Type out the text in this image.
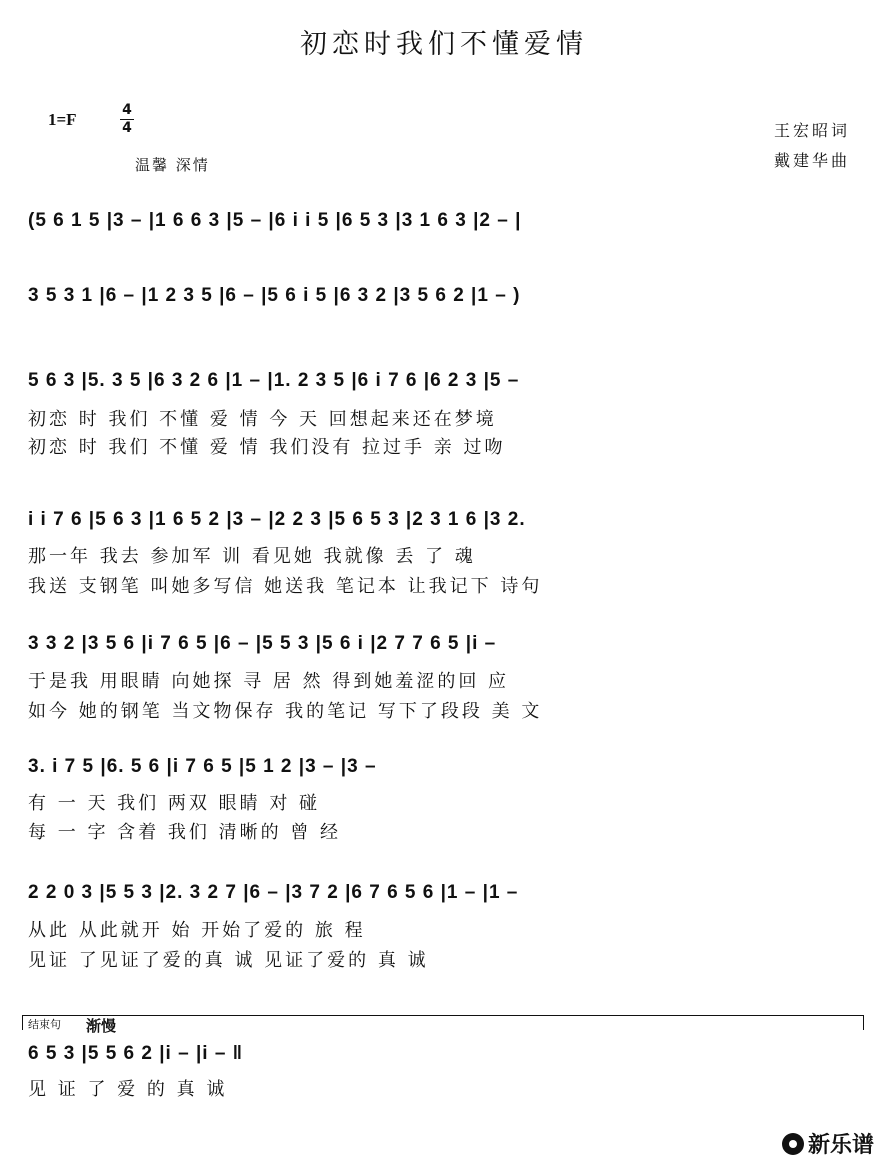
初恋时我们不懂爱情
1=F	4
4
温馨 深情
王宏昭词
戴建华曲
(5 6 1 5 |3 – |1 6 6 3 |5 – |6 i i 5 |6 5 3 |3 1 6 3 |2 – |
3 5 3 1 |6 – |1 2 3 5 |6 – |5 6 i 5 |6 3 2 |3 5 6 2 |1 – )
5 6 3 |5. 3 5 |6 3 2 6 |1 – |1. 2 3 5 |6 i 7 6 |6 2 3 |5 –
初恋 时 我们 不懂 爱 情 今 天 回想起来还在梦境
初恋 时 我们 不懂 爱 情 我们没有 拉过手 亲 过吻
i i 7 6 |5 6 3 |1 6 5 2 |3 – |2 2 3 |5 6 5 3 |2 3 1 6 |3 2.
那一年 我去 参加军 训 看见她 我就像 丢 了 魂
我送 支钢笔 叫她多写信 她送我 笔记本 让我记下 诗句
3 3 2 |3 5 6 |i 7 6 5 |6 – |5 5 3 |5 6 i |2 7 7 6 5 |i –
于是我 用眼睛 向她探 寻 居 然 得到她羞涩的回 应
如今 她的钢笔 当文物保存 我的笔记 写下了段段 美 文
3. i 7 5 |6. 5 6 |i 7 6 5 |5 1 2 |3 – |3 –
有 一 天 我们 两双 眼睛 对 碰
每 一 字 含着 我们 清晰的 曾 经
2 2 0 3 |5 5 3 |2. 3 2 7 |6 – |3 7 2 |6 7 6 5 6 |1 – |1 –
从此 从此就开 始 开始了爱的 旅 程
见证 了见证了爱的真 诚 见证了爱的 真 诚
结束句 渐慢
6 5 3 |5 5 6 2 |i – |i – ‖
见 证 了 爱 的 真 诚
新乐谱
